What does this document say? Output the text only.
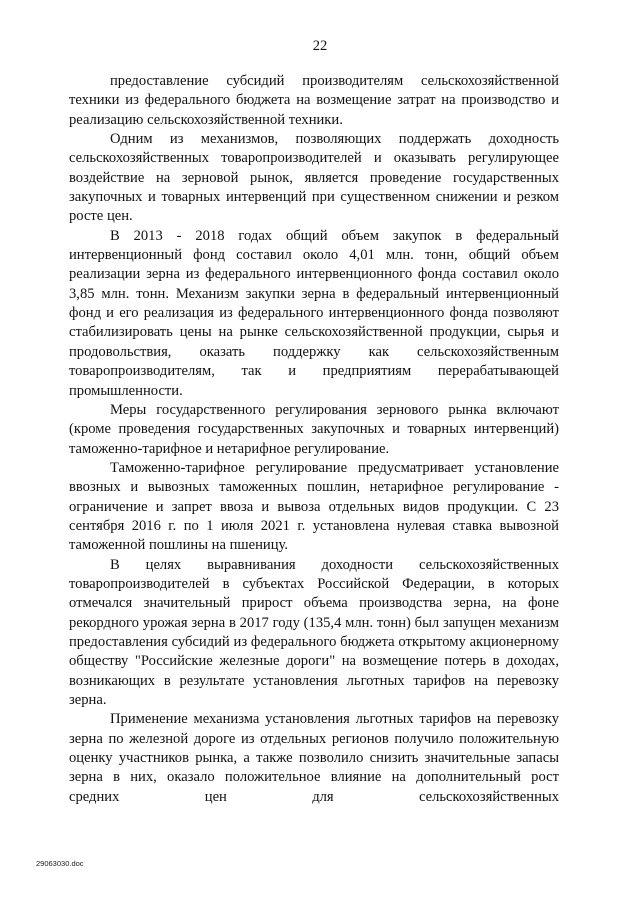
22

предоставление субсидий производителям сельскохозяйственной техники из федерального бюджета на возмещение затрат на производство и реализацию сельскохозяйственной техники.

Одним из механизмов, позволяющих поддержать доходность сельскохозяйственных товаропроизводителей и оказывать регулирующее воздействие на зерновой рынок, является проведение государственных закупочных и товарных интервенций при существенном снижении и резком росте цен.

В 2013 - 2018 годах общий объем закупок в федеральный интервенционный фонд составил около 4,01 млн. тонн, общий объем реализации зерна из федерального интервенционного фонда составил около 3,85 млн. тонн. Механизм закупки зерна в федеральный интервенционный фонд и его реализация из федерального интервенционного фонда позволяют стабилизировать цены на рынке сельскохозяйственной продукции, сырья и продовольствия, оказать поддержку как сельскохозяйственным товаропроизводителям, так и предприятиям перерабатывающей промышленности.

Меры государственного регулирования зернового рынка включают (кроме проведения государственных закупочных и товарных интервенций) таможенно-тарифное и нетарифное регулирование.

Таможенно-тарифное регулирование предусматривает установление ввозных и вывозных таможенных пошлин, нетарифное регулирование - ограничение и запрет ввоза и вывоза отдельных видов продукции. С 23 сентября 2016 г. по 1 июля 2021 г. установлена нулевая ставка вывозной таможенной пошлины на пшеницу.

В целях выравнивания доходности сельскохозяйственных товаропроизводителей в субъектах Российской Федерации, в которых отмечался значительный прирост объема производства зерна, на фоне рекордного урожая зерна в 2017 году (135,4 млн. тонн) был запущен механизм предоставления субсидий из федерального бюджета открытому акционерному обществу "Российские железные дороги" на возмещение потерь в доходах, возникающих в результате установления льготных тарифов на перевозку зерна.

Применение механизма установления льготных тарифов на перевозку зерна по железной дороге из отдельных регионов получило положительную оценку участников рынка, а также позволило снизить значительные запасы зерна в них, оказало положительное влияние на дополнительный рост средних цен для сельскохозяйственных

29063030.doc
